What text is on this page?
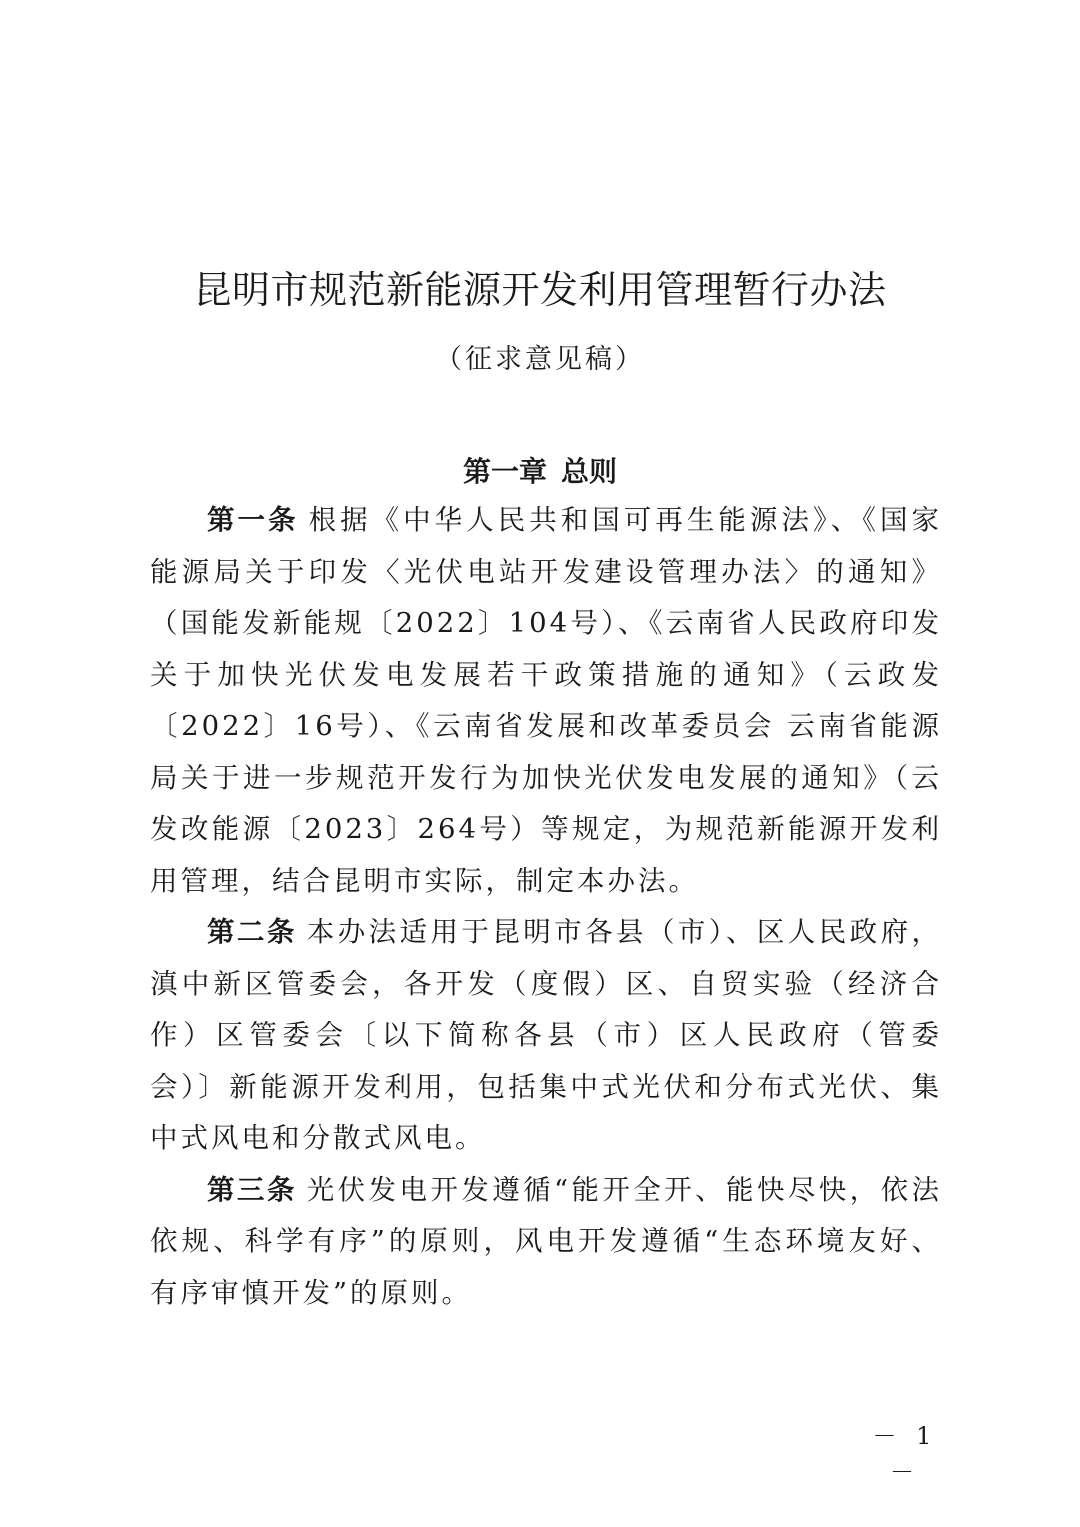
昆明市规范新能源开发利用管理暂行办法
（征求意见稿）
第一章 总则

第一条 根据《中华人民共和国可再生能源法》、《国家能源局关于印发〈光伏电站开发建设管理办法〉的通知》（国能发新能规〔2022〕104号）、《云南省人民政府印发关于加快光伏发电发展若干政策措施的通知》（云政发〔2022〕16号）、《云南省发展和改革委员会 云南省能源局关于进一步规范开发行为加快光伏发电发展的通知》（云发改能源〔2023〕264号）等规定，为规范新能源开发利用管理，结合昆明市实际，制定本办法。

第二条 本办法适用于昆明市各县（市）、区人民政府，滇中新区管委会，各开发（度假）区、自贸实验（经济合作）区管委会〔以下简称各县（市）区人民政府（管委会）〕新能源开发利用，包括集中式光伏和分布式光伏、集中式风电和分散式风电。

第三条 光伏发电开发遵循“能开全开、能快尽快，依法依规、科学有序”的原则，风电开发遵循“生态环境友好、有序审慎开发”的原则。

－ 1 －
